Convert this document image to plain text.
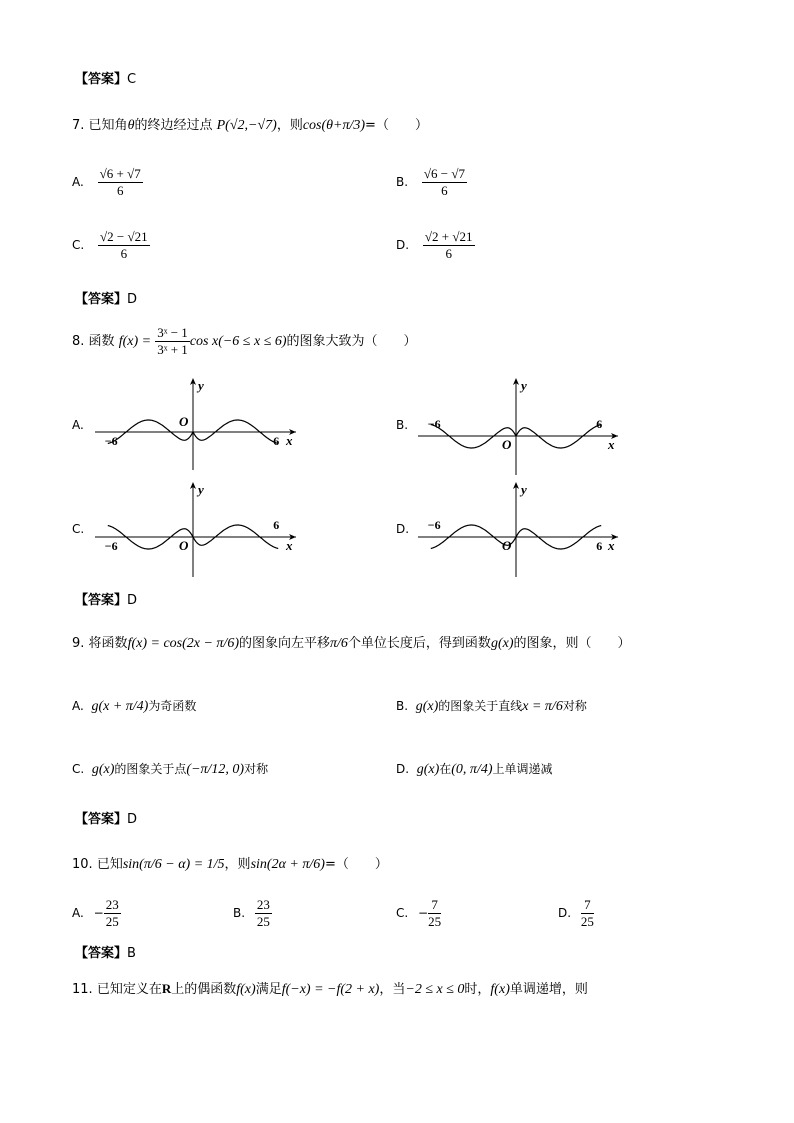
【答案】C
7. 已知角θ的终边经过点 P(√2,−√7)，则cos(θ+π/3)=（　　）
A. $\frac{√6 + √7}{6}$	B. $\frac{√6 - √7}{6}$
C. $\frac{√2 - √21}{6}$	D. $\frac{√2 + √21}{6}$
【答案】D
8. 函数 $f(x) = \frac{\text{3ˣ − 1}}{\text{3ˣ + 1}}$ cos x(−6 ≤ x ≤ 6)的图象大致为（　　）
A.	B.
C.	D.
−6	6 x
y
O	−6	6
x
y
O
−6
6
x
y
O
−6
6 x
y
O
【答案】D
9. 将函数f(x) = cos(2x − π/6)的图象向左平移π/6个单位长度后，得到函数g(x)的图象，则（　　）
A. g(x + π/4)为奇函数	B. g(x)的图象关于直线x = π/6对称
C. g(x)的图象关于点(−π/12, 0)对称	D. g(x)在(0, π/4)上单调递减
【答案】D
10. 已知sin(π/6 − α) = 1/5，则sin(2α + π/6)=（　　）
A. − $\frac{23}{25}$	B. $\frac{23}{25}$	C. − $\frac{7}{25}$	D. $\frac{7}{25}$
【答案】B
11. 已知定义在R上的偶函数f(x)满足f(−x) = −f(2 + x)，当−2 ≤ x ≤ 0时，f(x)单调递增，则
